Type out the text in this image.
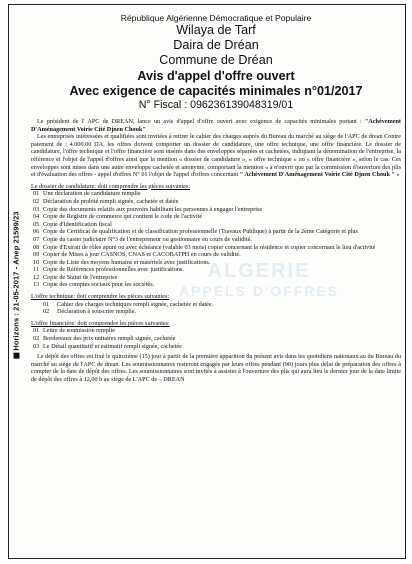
Horizons : 21-05-2017 - Anep 21599/23	ALGERIE
APPELS D'OFFRES
République Algérienne Démocratique et Populaire
Wilaya de Tarf
Daira de Dréan
Commune de Dréan
Avis d'appel d'offre ouvert
Avec exigence de capacités minimales n°01/2017
N° Fiscal : 096236139048319/01

Le président de l' APC de DREAN, lance un avis d'appel d'offre ouvert avec exigence de capacités minimales portant : "Achèvement D'Aménagement Voirie Cité Djnen Chouk"

Les entreprises intéressées et qualifiées sont invitées à retirer le cahier des charges auprès du Bureau du marché au siège de l'APC de drean Contre paiement de : 4.000.00 DA, les offres doivent comporter un dossier de candidature, une offre technique, une offre financière. Le dossier de candidature, l'offre technique et l'offre financière sont insérés dans des enveloppes séparées et cachetées, indiquant la dénomination de l'entreprise, la référence et l'objet de l'appel d'offres ainsi que la mention « dossier de candidature », « offre technique » ou « offre financière », selon le cas. Ces enveloppes sont mises dans une autre enveloppe cachetée et anonyme, comportant la mention « à n'ouvrir que par la commission d'ouverture des plis et d'évaluation des offres - appel d'offres N° 01 l'objet de l'appel d'offres concernant " Achèvement D'Aménagement Voirie Cité Djnen Chouk " »

Le dossier de candidature: doit comprendre les pièces suivantes:
01 Une déclaration de candidature remplie
02 Déclaration de probité rempli signée, cachetée et datée
03 Copie des documents relatifs aux pouvoirs habilitant les personnes à engager l'entreprise
04 Copie de Registre de commerce qui contient le code de l'activité
05 Copie d'Identification fiscal
06 Copie de Certificat de qualification et de classification professionnelle (Travaux Publique) à partir de la 2ème Catégorie et plus
07 Copie du casier judiciaire N°3 de l'entrepreneur ou gestionnaire en cours de validité.
08 Copie d'Extrait de rôles apuré ou avec échéance (valable 03 mois) copier concernant la résidence et copier concernant le lieu d'activité
09 Copier de Mises à jour CASNOS, CNAS et CACOBATPH en cours de validité.
10 Copie de Liste des moyens humains et matériels avec justifications.
11 Copie de Références professionnelles avec justifications.
12 Copie de Statut de l'entreprise
13 Copie des comptes sociaux pour les sociétés.
L'offre technique: doit comprendre les pièces suivantes:
01	Cahier des charges techniques rempli signée, cachetée et datée.
02	Déclaration à souscrire remplie.
L'offre financière: doit comprendre les pièces suivantes:
01 Lettre de soumission remplie
02 Bordereaux des prix unitaires rempli signée, cachetée
03 Le Détail quantitatif et estimatif rempli signée, cachetée

Le dépôt des offres est fixé le quinzième (15) jour à partir de la première apparition du présent avis dans les quotidiens nationaux au du Bureau du marché au siège de l'APC de drean. Les soumissionnaires resteront engagés par leurs offres pendant (90) jours plus délai de préparation des offres à compter de la date de dépôt des offres. Les soumissionnaires sont invités à assister à l'ouverture des plis qui aura lieu le dernier jour de la date limite de dépôt des offres à 12,00 h au siège de L'APC de – DREAN
